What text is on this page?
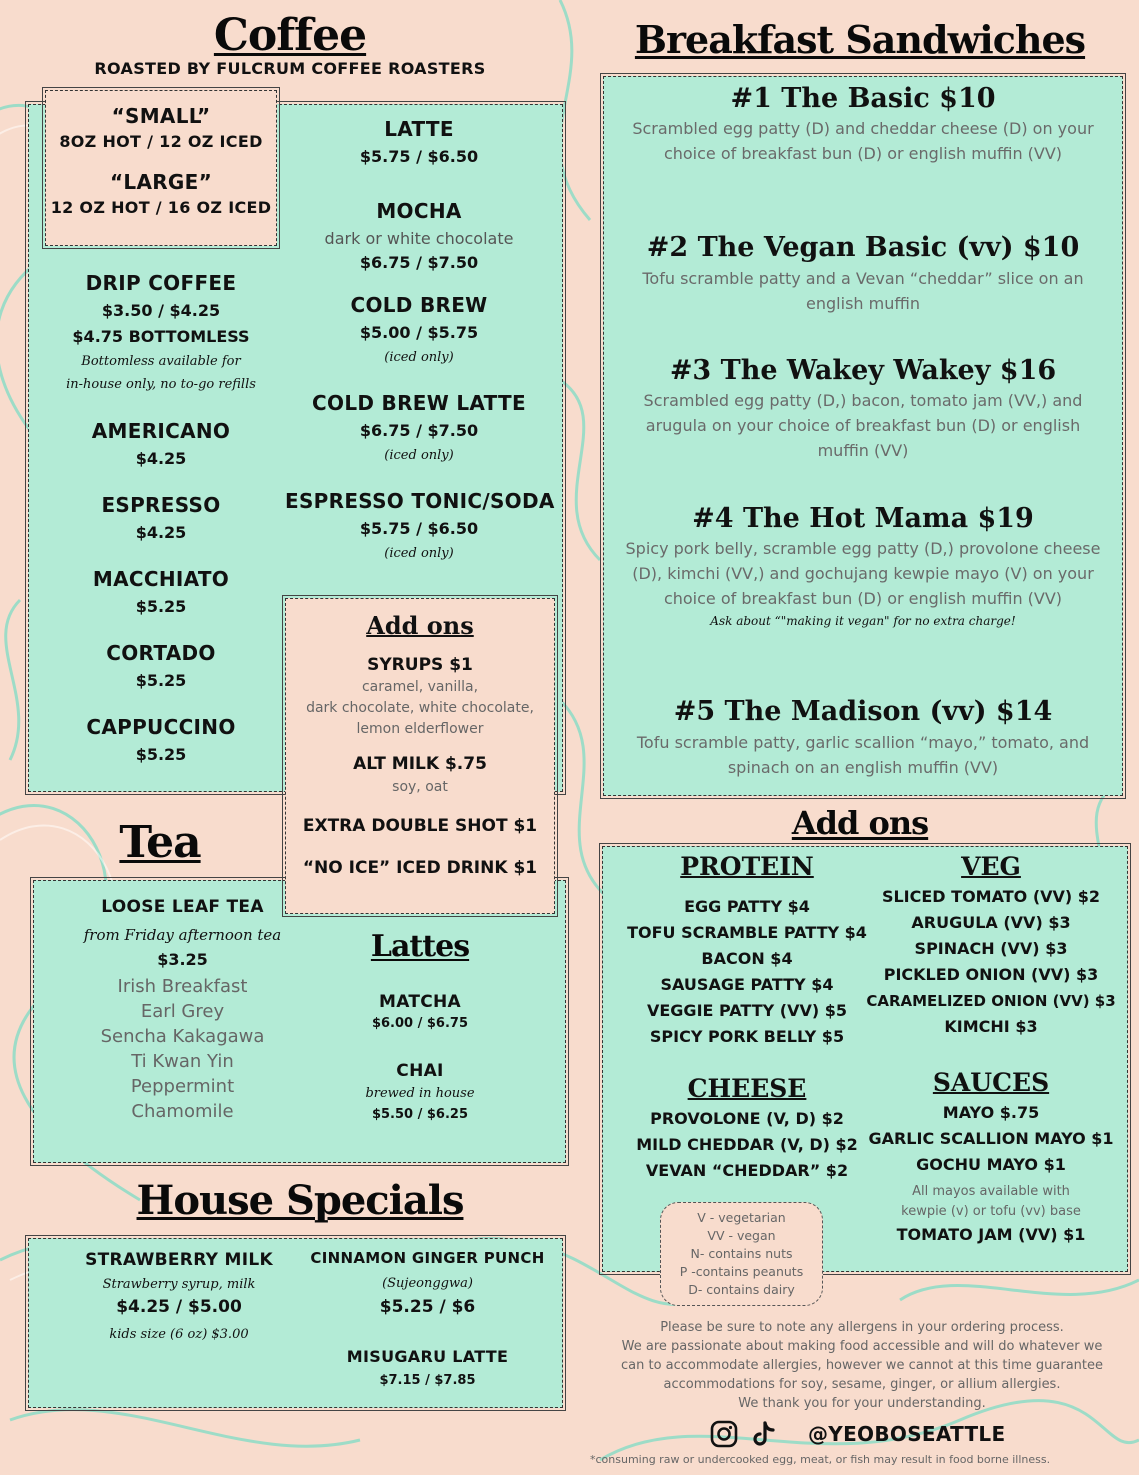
Coffee
ROASTED BY FULCRUM COFFEE ROASTERS
“SMALL”
8OZ HOT / 12 OZ ICED
“LARGE”
12 OZ HOT / 16 OZ ICED
DRIP COFFEE
$3.50 / $4.25
$4.75 BOTTOMLESS
Bottomless available for
in-house only, no to-go refills
AMERICANO
$4.25
ESPRESSO
$4.25
MACCHIATO
$5.25
CORTADO
$5.25
CAPPUCCINO
$5.25
LATTE
$5.75 / $6.50
MOCHA
dark or white chocolate
$6.75 / $7.50
COLD BREW
$5.00 / $5.75
(iced only)
COLD BREW LATTE
$6.75 / $7.50
(iced only)
ESPRESSO TONIC/SODA
$5.75 / $6.50
(iced only)
Add ons
SYRUPS $1
caramel, vanilla,
dark chocolate, white chocolate,
lemon elderflower
ALT MILK $.75
soy, oat
EXTRA DOUBLE SHOT $1
“NO ICE” ICED DRINK $1
Tea
LOOSE LEAF TEA
from Friday afternoon tea
$3.25
Irish Breakfast
Earl Grey
Sencha Kakagawa
Ti Kwan Yin
Peppermint
Chamomile
Lattes
MATCHA
$6.00 / $6.75
CHAI
brewed in house
$5.50 / $6.25
House Specials
STRAWBERRY MILK
Strawberry syrup, milk
$4.25 / $5.00
kids size (6 oz) $3.00
CINNAMON GINGER PUNCH
(Sujeonggwa)
$5.25 / $6
MISUGARU LATTE
$7.15 / $7.85
Breakfast Sandwiches
#1 The Basic $10
Scrambled egg patty (D) and cheddar cheese (D) on your choice of breakfast bun (D) or english muffin (VV)
#2 The Vegan Basic (vv) $10
Tofu scramble patty and a Vevan “cheddar” slice on an english muffin
#3 The Wakey Wakey $16
Scrambled egg patty (D,) bacon, tomato jam (VV,) and arugula on your choice of breakfast bun (D) or english muffin (VV)
#4 The Hot Mama $19
Spicy pork belly, scramble egg patty (D,) provolone cheese (D), kimchi (VV,) and gochujang kewpie mayo (V) on your choice of breakfast bun (D) or english muffin (VV)
Ask about “"making it vegan" for no extra charge!
#5 The Madison (vv) $14
Tofu scramble patty, garlic scallion “mayo,” tomato, and spinach on an english muffin (VV)
Add ons
PROTEIN
EGG PATTY $4
TOFU SCRAMBLE PATTY $4
BACON $4
SAUSAGE PATTY $4
VEGGIE PATTY (VV) $5
SPICY PORK BELLY $5
VEG
SLICED TOMATO (VV) $2
ARUGULA (VV) $3
SPINACH (VV) $3
PICKLED ONION (VV) $3
CARAMELIZED ONION (VV) $3
KIMCHI $3
CHEESE
PROVOLONE (V, D) $2
MILD CHEDDAR (V, D) $2
VEVAN “CHEDDAR” $2
SAUCES
MAYO $.75
GARLIC SCALLION MAYO $1
GOCHU MAYO $1
All mayos available with
kewpie (v) or tofu (vv) base
TOMATO JAM (VV) $1
V - vegetarian
VV - vegan
N- contains nuts
P -contains peanuts
D- contains dairy
Please be sure to note any allergens in your ordering process.
We are passionate about making food accessible and will do whatever we
can to accommodate allergies, however we cannot at this time guarantee
accommodations for soy, sesame, ginger, or allium allergies.
We thank you for your understanding.
@YEOBOSEATTLE
*consuming raw or undercooked egg, meat, or fish may result in food borne illness.
